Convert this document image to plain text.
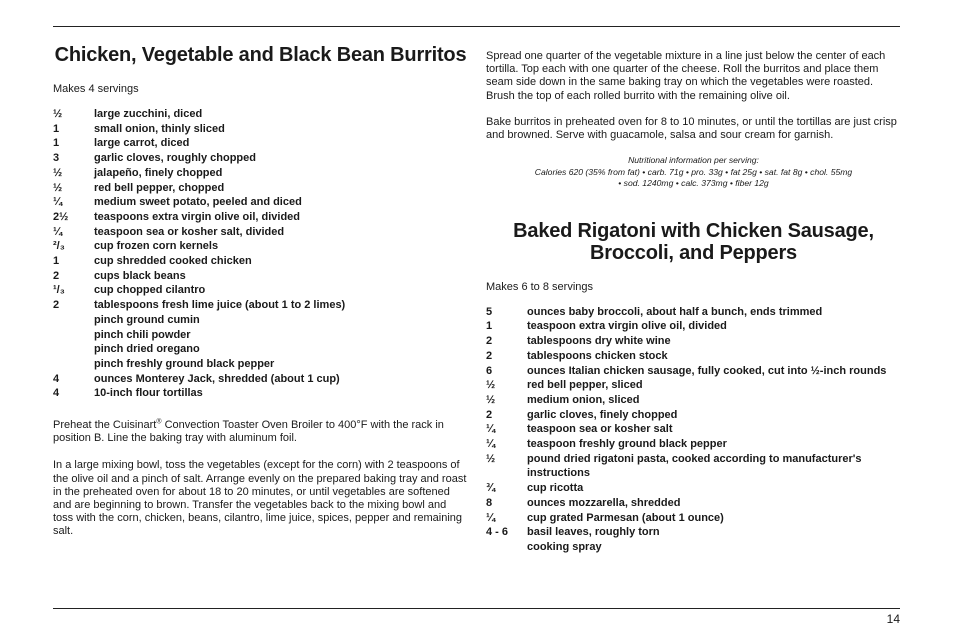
Chicken, Vegetable and Black Bean Burritos
Makes 4 servings
½	large zucchini, diced
1	small onion, thinly sliced
1	large carrot, diced
3	garlic cloves, roughly chopped
½	jalapeño, finely chopped
½	red bell pepper, chopped
¼	medium sweet potato, peeled and diced
2½	teaspoons extra virgin olive oil, divided
¼	teaspoon sea or kosher salt, divided
²/₃	cup frozen corn kernels
1	cup shredded cooked chicken
2	cups black beans
¹/₃	cup chopped cilantro
2	tablespoons fresh lime juice (about 1 to 2 limes)
pinch ground cumin
pinch chili powder
pinch dried oregano
pinch freshly ground black pepper
4	ounces Monterey Jack, shredded (about 1 cup)
4	10-inch flour tortillas

Preheat the Cuisinart® Convection Toaster Oven Broiler to 400°F with the rack in position B. Line the baking tray with aluminum foil.

In a large mixing bowl, toss the vegetables (except for the corn) with 2 teaspoons of the olive oil and a pinch of salt. Arrange evenly on the prepared baking tray and roast in the preheated oven for about 18 to 20 minutes, or until vegetables are softened and are beginning to brown. Transfer the vegetables back to the mixing bowl and toss with the corn, chicken, beans, cilantro, lime juice, spices, pepper and remaining salt.

Spread one quarter of the vegetable mixture in a line just below the center of each tortilla. Top each with one quarter of the cheese. Roll the burritos and place them seam side down in the same baking tray on which the vegetables were roasted. Brush the top of each rolled burrito with the remaining olive oil.

Bake burritos in preheated oven for 8 to 10 minutes, or until the tortillas are just crisp and browned. Serve with guacamole, salsa and sour cream for garnish.

Nutritional information per serving:
Calories 620 (35% from fat) • carb. 71g • pro. 33g • fat 25g • sat. fat 8g • chol. 55mg
• sod. 1240mg • calc. 373mg • fiber 12g
Baked Rigatoni with Chicken Sausage, Broccoli, and Peppers
Makes 6 to 8 servings
5	ounces baby broccoli, about half a bunch, ends trimmed
1	teaspoon extra virgin olive oil, divided
2	tablespoons dry white wine
2	tablespoons chicken stock
6	ounces Italian chicken sausage, fully cooked, cut into ½-inch rounds
½	red bell pepper, sliced
½	medium onion, sliced
2	garlic cloves, finely chopped
¼	teaspoon sea or kosher salt
¼	teaspoon freshly ground black pepper
½	pound dried rigatoni pasta, cooked according to manufacturer's instructions
¾	cup ricotta
8	ounces mozzarella, shredded
¼	cup grated Parmesan (about 1 ounce)
4 - 6	basil leaves, roughly torn
cooking spray
14
